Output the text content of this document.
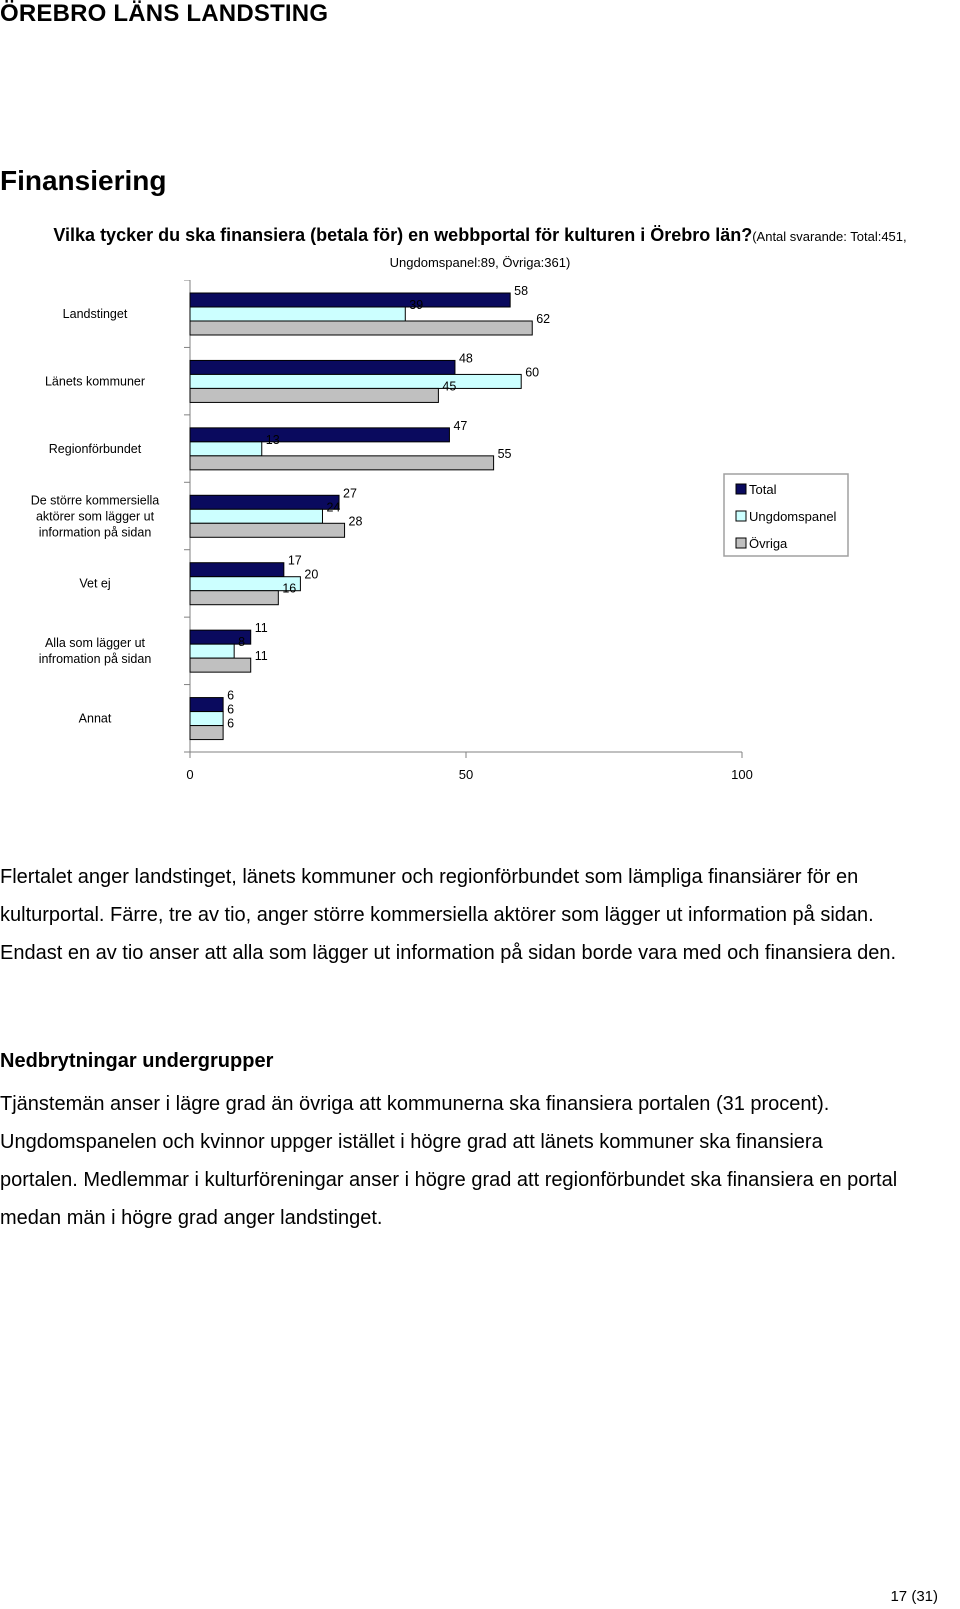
ÖREBRO LÄNS LANDSTING
Finansiering
Vilka tycker du ska finansiera (betala för) en webbportal för kulturen i Örebro län?(Antal svarande: Total:451, Ungdomspanel:89, Övriga:361)
0	50	100
Landstinget
Länets kommuner
Regionförbundet
De större kommersiella aktörer som lägger ut information på sidan
Vet ej
Alla som lägger ut infromation på sidan
Annat
58
48
47
27
17
11
6
39
60
13
24
20
8
6
62
45
55
28
16
11
6
Total
Ungdomspanel
Övriga
Flertalet anger landstinget, länets kommuner och regionförbundet som lämpliga finansiärer för en kulturportal. Färre, tre av tio, anger större kommersiella aktörer som lägger ut information på sidan. Endast en av tio anser att alla som lägger ut information på sidan borde vara med och finansiera den.
Nedbrytningar undergrupper
Tjänstemän anser i lägre grad än övriga att kommunerna ska finansiera portalen (31 procent). Ungdomspanelen och kvinnor uppger istället i högre grad att länets kommuner ska finansiera portalen. Medlemmar i kulturföreningar anser i högre grad att regionförbundet ska finansiera en portal medan män i högre grad anger landstinget.
17 (31)
